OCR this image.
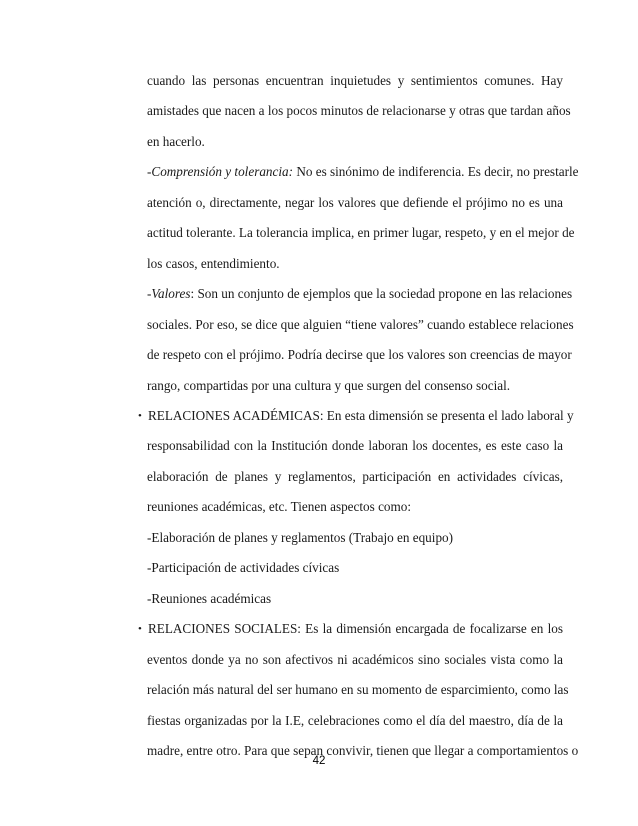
cuando las personas encuentran inquietudes y sentimientos comunes. Hay
amistades que nacen a los pocos minutos de relacionarse y otras que tardan años
en hacerlo.
-Comprensión y tolerancia: No es sinónimo de indiferencia. Es decir, no prestarle
atención o, directamente, negar los valores que defiende el prójimo no es una
actitud tolerante. La tolerancia implica, en primer lugar, respeto, y en el mejor de
los casos, entendimiento.
-Valores: Son un conjunto de ejemplos que la sociedad propone en las relaciones
sociales. Por eso, se dice que alguien “tiene valores” cuando establece relaciones
de respeto con el prójimo. Podría decirse que los valores son creencias de mayor
rango, compartidas por una cultura y que surgen del consenso social.
• RELACIONES ACADÉMICAS: En esta dimensión se presenta el lado laboral y
responsabilidad con la Institución donde laboran los docentes, es este caso la
elaboración de planes y reglamentos, participación en actividades cívicas,
reuniones académicas, etc. Tienen aspectos como:
-Elaboración de planes y reglamentos (Trabajo en equipo)
-Participación de actividades cívicas
-Reuniones académicas
• RELACIONES SOCIALES: Es la dimensión encargada de focalizarse en los
eventos donde ya no son afectivos ni académicos sino sociales vista como la
relación más natural del ser humano en su momento de esparcimiento, como las
fiestas organizadas por la I.E, celebraciones como el día del maestro, día de la
madre, entre otro. Para que sepan convivir, tienen que llegar a comportamientos o
42
